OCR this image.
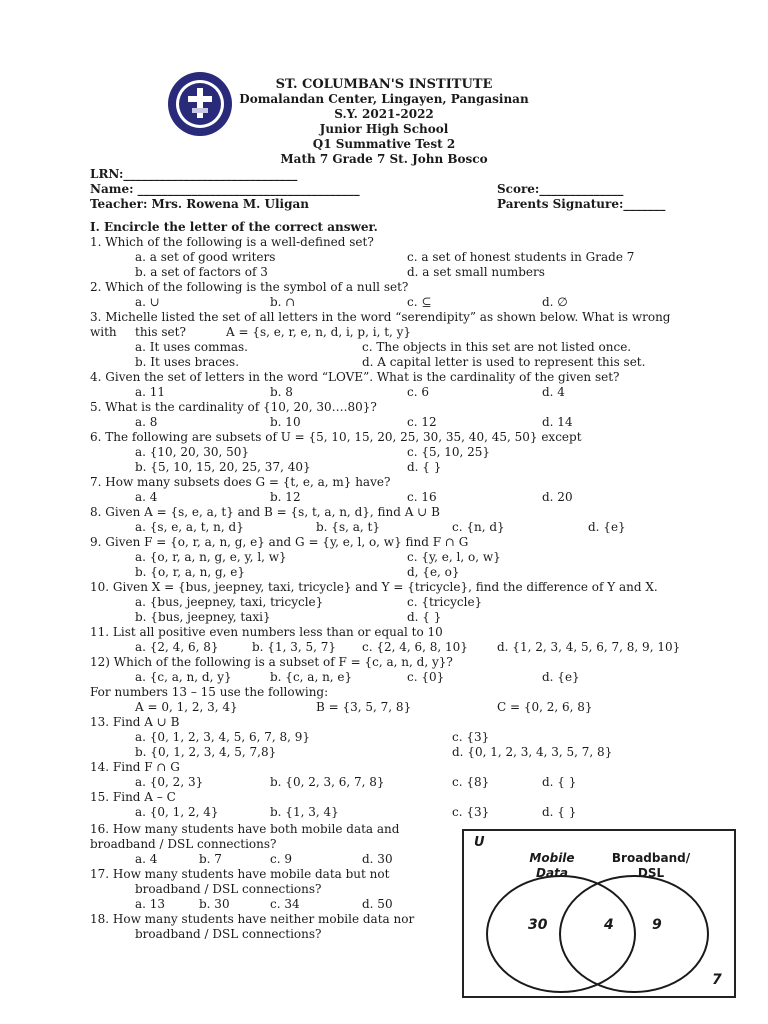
ST. COLUMBAN'S INSTITUTE
Domalandan Center, Lingayen, Pangasinan
S.Y. 2021-2022
Junior High School
Q1 Summative Test 2
Math 7 Grade 7 St. John Bosco
LRN:_____________________________
Name: _____________________________________	Score:______________
Teacher: Mrs. Rowena M. Uligan	Parents Signature:_______
I. Encircle the letter of the correct answer.
1. Which of the following is a well-defined set?
a. a set of good writers	c. a set of honest students in Grade 7
b. a set of factors of 3	d. a set small numbers
2. Which of the following is the symbol of a null set?
a. ∪	b. ∩	c. ⊆	d. ∅
3. Michelle listed the set of all letters in the word “serendipity” as shown below. What is wrong
with this set?	A = {s, e, r, e, n, d, i, p, i, t, y}
a. It uses commas.	c. The objects in this set are not listed once.
b. It uses braces.	d. A capital letter is used to represent this set.
4. Given the set of letters in the word “LOVE”. What is the cardinality of the given set?
a. 11	b. 8	c. 6	d. 4
5. What is the cardinality of {10, 20, 30….80}?
a. 8	b. 10	c. 12	d. 14
6. The following are subsets of U = {5, 10, 15, 20, 25, 30, 35, 40, 45, 50} except
a. {10, 20, 30, 50}	c. {5, 10, 25}
b. {5, 10, 15, 20, 25, 37, 40}	d. { }
7. How many subsets does G = {t, e, a, m} have?
a. 4	b. 12	c. 16	d. 20
8. Given A = {s, e, a, t} and B = {s, t, a, n, d}, find A ∪ B
a. {s, e, a, t, n, d}	b. {s, a, t}	c. {n, d}	d. {e}
9. Given F = {o, r, a, n, g, e} and G = {y, e, l, o, w} find F ∩ G
a. {o, r, a, n, g, e, y, l, w}	c. {y, e, l, o, w}
b. {o, r, a, n, g, e}	d, {e, o}
10. Given X = {bus, jeepney, taxi, tricycle} and Y = {tricycle}, find the difference of Y and X.
a. {bus, jeepney, taxi, tricycle}	c. {tricycle}
b. {bus, jeepney, taxi}	d. { }
11. List all positive even numbers less than or equal to 10
a. {2, 4, 6, 8}	b. {1, 3, 5, 7} c. {2, 4, 6, 8, 10} d. {1, 2, 3, 4, 5, 6, 7, 8, 9, 10}
12) Which of the following is a subset of F = {c, a, n, d, y}?
a. {c, a, n, d, y}	b. {c, a, n, e}	c. {0}	d. {e}
For numbers 13 – 15 use the following:
A = 0, 1, 2, 3, 4}	B = {3, 5, 7, 8}	C = {0, 2, 6, 8}
13. Find A ∪ B
a. {0, 1, 2, 3, 4, 5, 6, 7, 8, 9}	c. {3}
b. {0, 1, 2, 3, 4, 5, 7,8}	d. {0, 1, 2, 3, 4, 3, 5, 7, 8}
14. Find F ∩ G
a. {0, 2, 3}	b. {0, 2, 3, 6, 7, 8}	c. {8}	d. { }
15. Find A – C
a. {0, 1, 2, 4}	b. {1, 3, 4}	c. {3}	d. { }
16. How many students have both mobile data and
broadband / DSL connections?
a. 4	b. 7	c. 9	d. 30
17. How many students have mobile data but not
broadband / DSL connections?
a. 13	b. 30	c. 34	d. 50
18. How many students have neither mobile data nor
broadband / DSL connections?
U
Mobile
Data
Broadband/
DSL
30	4	9
7
